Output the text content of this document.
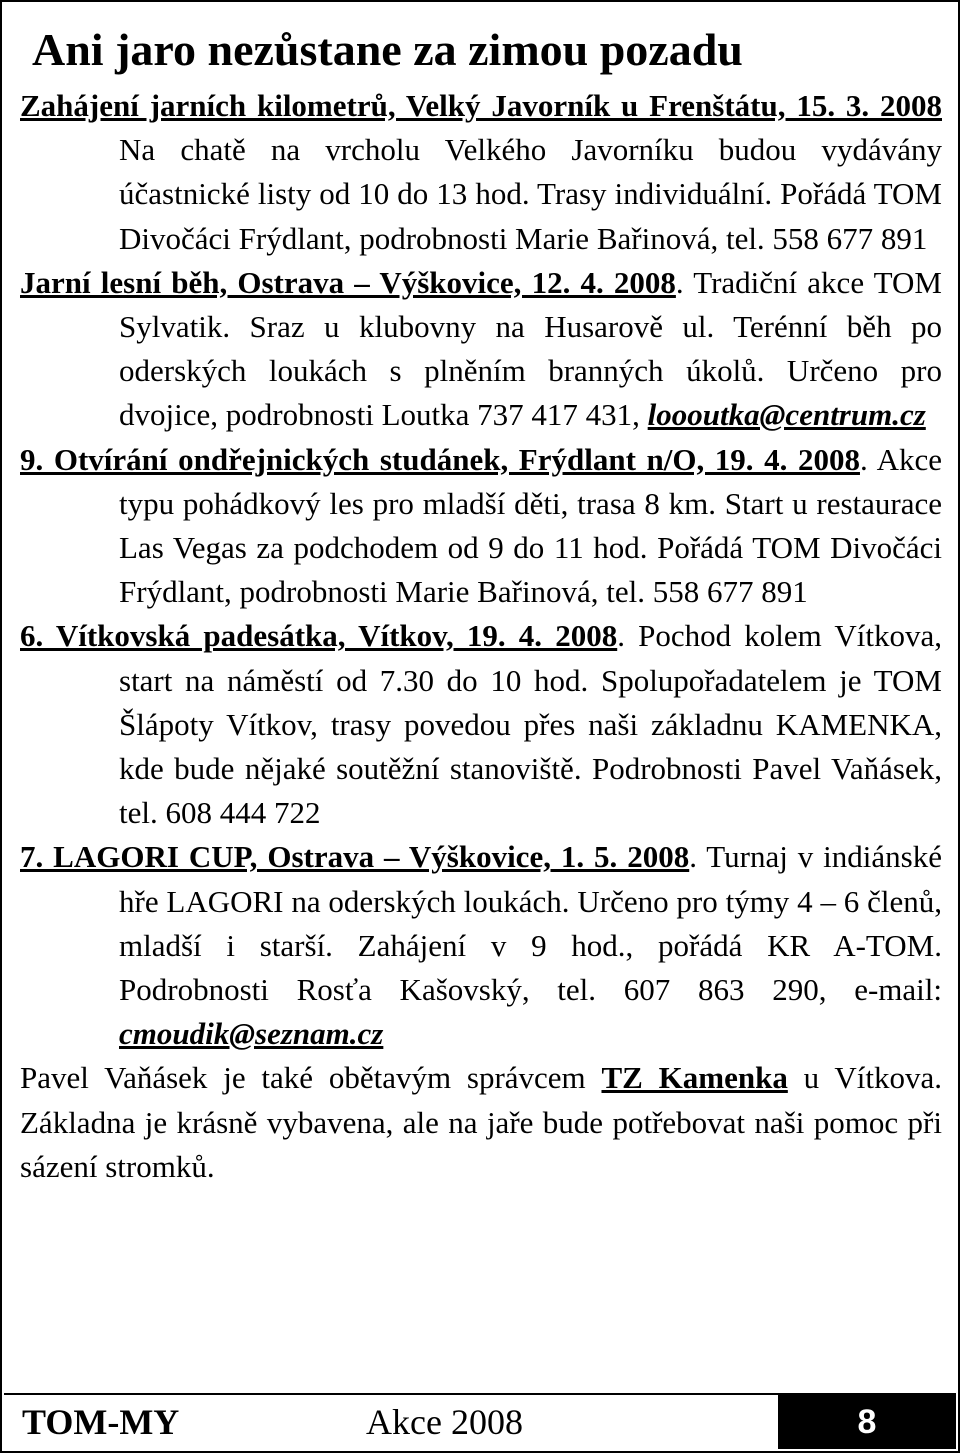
Ani jaro nezůstane za zimou pozadu

Zahájení jarních kilometrů, Velký Javorník u Frenštátu, 15. 3. 2008 Na chatě na vrcholu Velkého Javorníku budou vydávány účastnické listy od 10 do 13 hod. Trasy individuální. Pořádá TOM Divočáci Frýdlant, podrobnosti Marie Bařinová, tel. 558 677 891

Jarní lesní běh, Ostrava – Výškovice, 12. 4. 2008. Tradiční akce TOM Sylvatik. Sraz u klubovny na Husarově ul. Terénní běh po oderských loukách s plněním branných úkolů. Určeno pro dvojice, podrobnosti Loutka 737 417 431, loooutka@centrum.cz

9. Otvírání ondřejnických studánek, Frýdlant n/O, 19. 4. 2008. Akce typu pohádkový les pro mladší děti, trasa 8 km. Start u restaurace Las Vegas za podchodem od 9 do 11 hod. Pořádá TOM Divočáci Frýdlant, podrobnosti Marie Bařinová, tel. 558 677 891

6. Vítkovská padesátka, Vítkov, 19. 4. 2008. Pochod kolem Vítkova, start na náměstí od 7.30 do 10 hod. Spolupořadatelem je TOM Šlápoty Vítkov, trasy povedou přes naši základnu KAMENKA, kde bude nějaké soutěžní stanoviště. Podrobnosti Pavel Vaňásek, tel. 608 444 722

7. LAGORI CUP, Ostrava – Výškovice, 1. 5. 2008. Turnaj v indiánské hře LAGORI na oderských loukách. Určeno pro týmy 4 – 6 členů, mladší i starší. Zahájení v 9 hod., pořádá KR A-TOM. Podrobnosti Rosťa Kašovský, tel. 607 863 290, e-mail: cmoudik@seznam.cz

Pavel Vaňásek je také obětavým správcem TZ Kamenka u Vítkova. Základna je krásně vybavena, ale na jaře bude potřebovat naši pomoc při sázení stromků.

TOM-MY	Akce 2008	8
